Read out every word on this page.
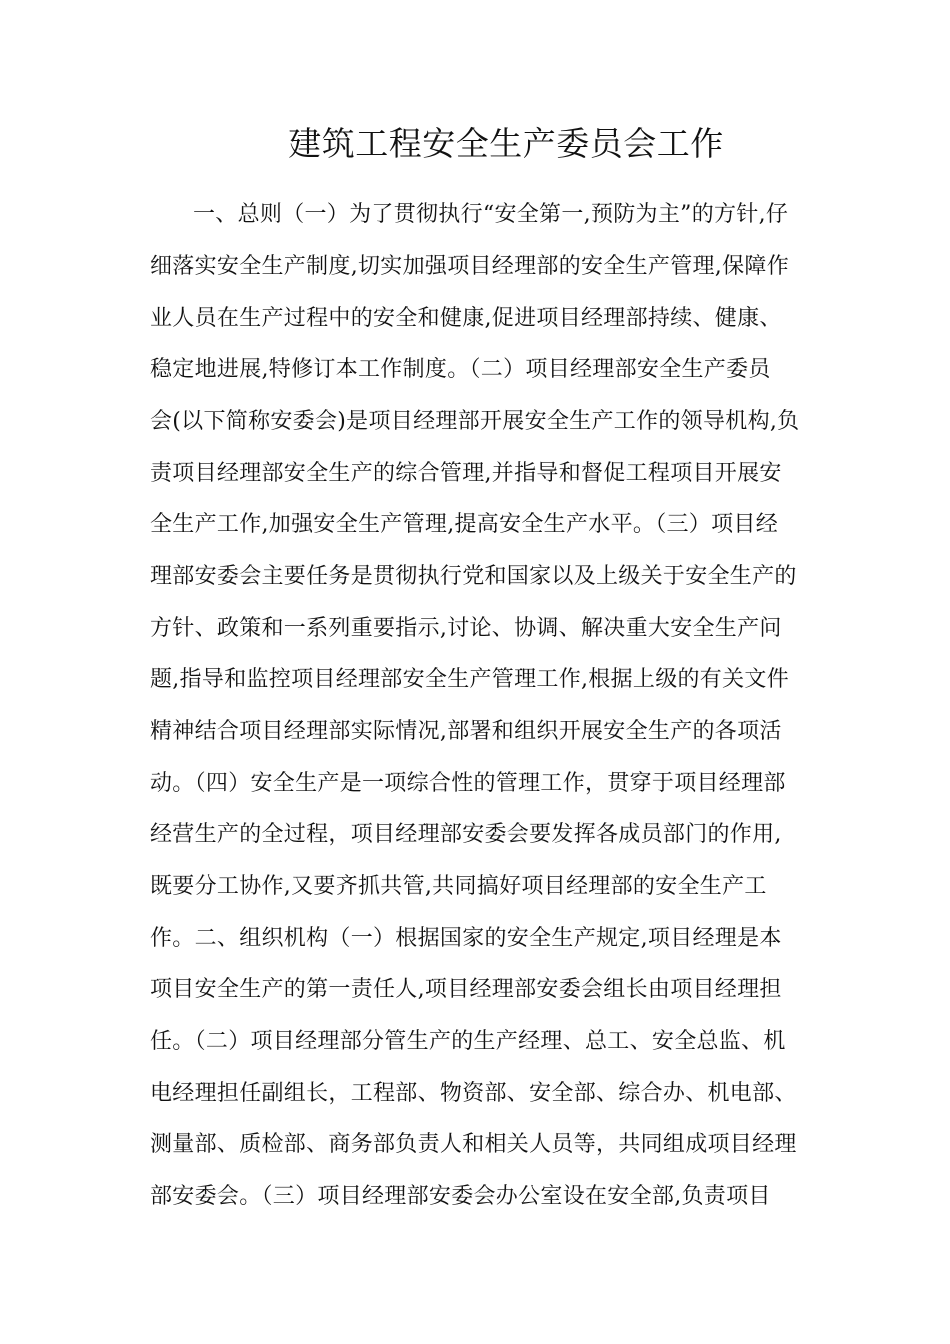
建筑工程安全生产委员会工作
一、总则（一）为了贯彻执行“安全第一,预防为主”的方针,仔
细落实安全生产制度,切实加强项目经理部的安全生产管理,保障作
业人员在生产过程中的安全和健康,促进项目经理部持续、健康、
稳定地进展,特修订本工作制度。（二）项目经理部安全生产委员
会(以下简称安委会)是项目经理部开展安全生产工作的领导机构,负
责项目经理部安全生产的综合管理,并指导和督促工程项目开展安
全生产工作,加强安全生产管理,提高安全生产水平。（三）项目经
理部安委会主要任务是贯彻执行党和国家以及上级关于安全生产的
方针、政策和一系列重要指示,讨论、协调、解决重大安全生产问
题,指导和监控项目经理部安全生产管理工作,根据上级的有关文件
精神结合项目经理部实际情况,部署和组织开展安全生产的各项活
动。（四）安全生产是一项综合性的管理工作，贯穿于项目经理部
经营生产的全过程，项目经理部安委会要发挥各成员部门的作用,
既要分工协作,又要齐抓共管,共同搞好项目经理部的安全生产工
作。二、组织机构（一）根据国家的安全生产规定,项目经理是本
项目安全生产的第一责任人,项目经理部安委会组长由项目经理担
任。（二）项目经理部分管生产的生产经理、总工、安全总监、机
电经理担任副组长，工程部、物资部、安全部、综合办、机电部、
测量部、质检部、商务部负责人和相关人员等，共同组成项目经理
部安委会。（三）项目经理部安委会办公室设在安全部,负责项目
